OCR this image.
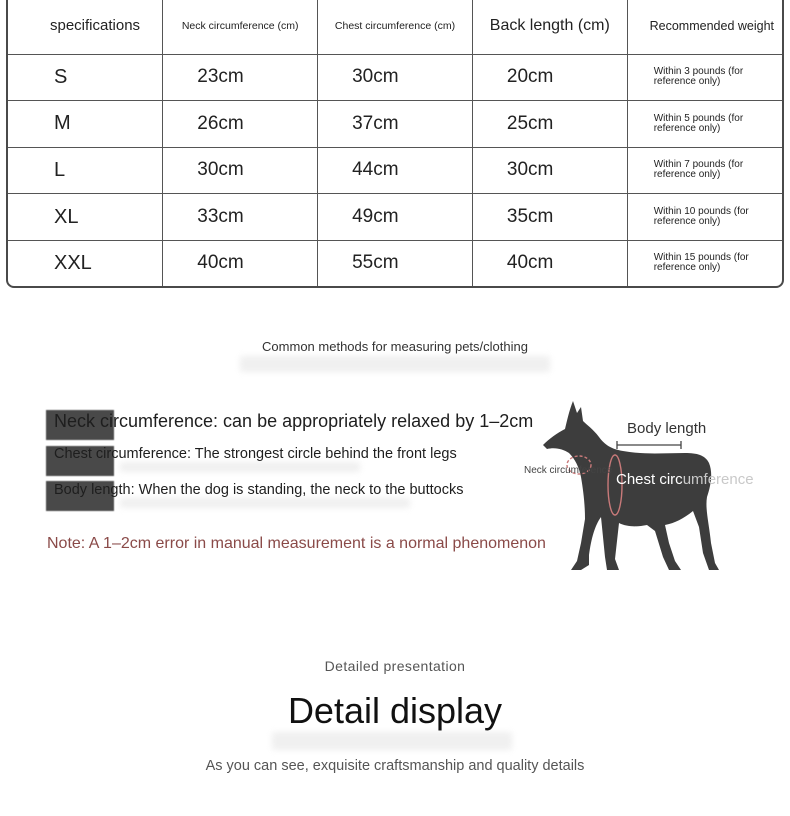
specifications	Neck circumference (cm)	Chest circumference (cm)	Back length (cm)	Recommended weight
S	23cm	30cm	20cm	Within 3 pounds (for reference only)
M	26cm	37cm	25cm	Within 5 pounds (for reference only)
L	30cm	44cm	30cm	Within 7 pounds (for reference only)
XL	33cm	49cm	35cm	Within 10 pounds (for reference only)
XXL	40cm	55cm	40cm	Within 15 pounds (for reference only)
Common methods for measuring pets/clothing
Neck circumference: can be appropriately relaxed by 1–2cm
Chest circumference: The strongest circle behind the front legs
Body length: When the dog is standing, the neck to the buttocks
Note: A 1–2cm error in manual measurement is a normal phenomenon
Body length
Neck circumference
Chest circumference
Detailed presentation
Detail display
As you can see, exquisite craftsmanship and quality details
